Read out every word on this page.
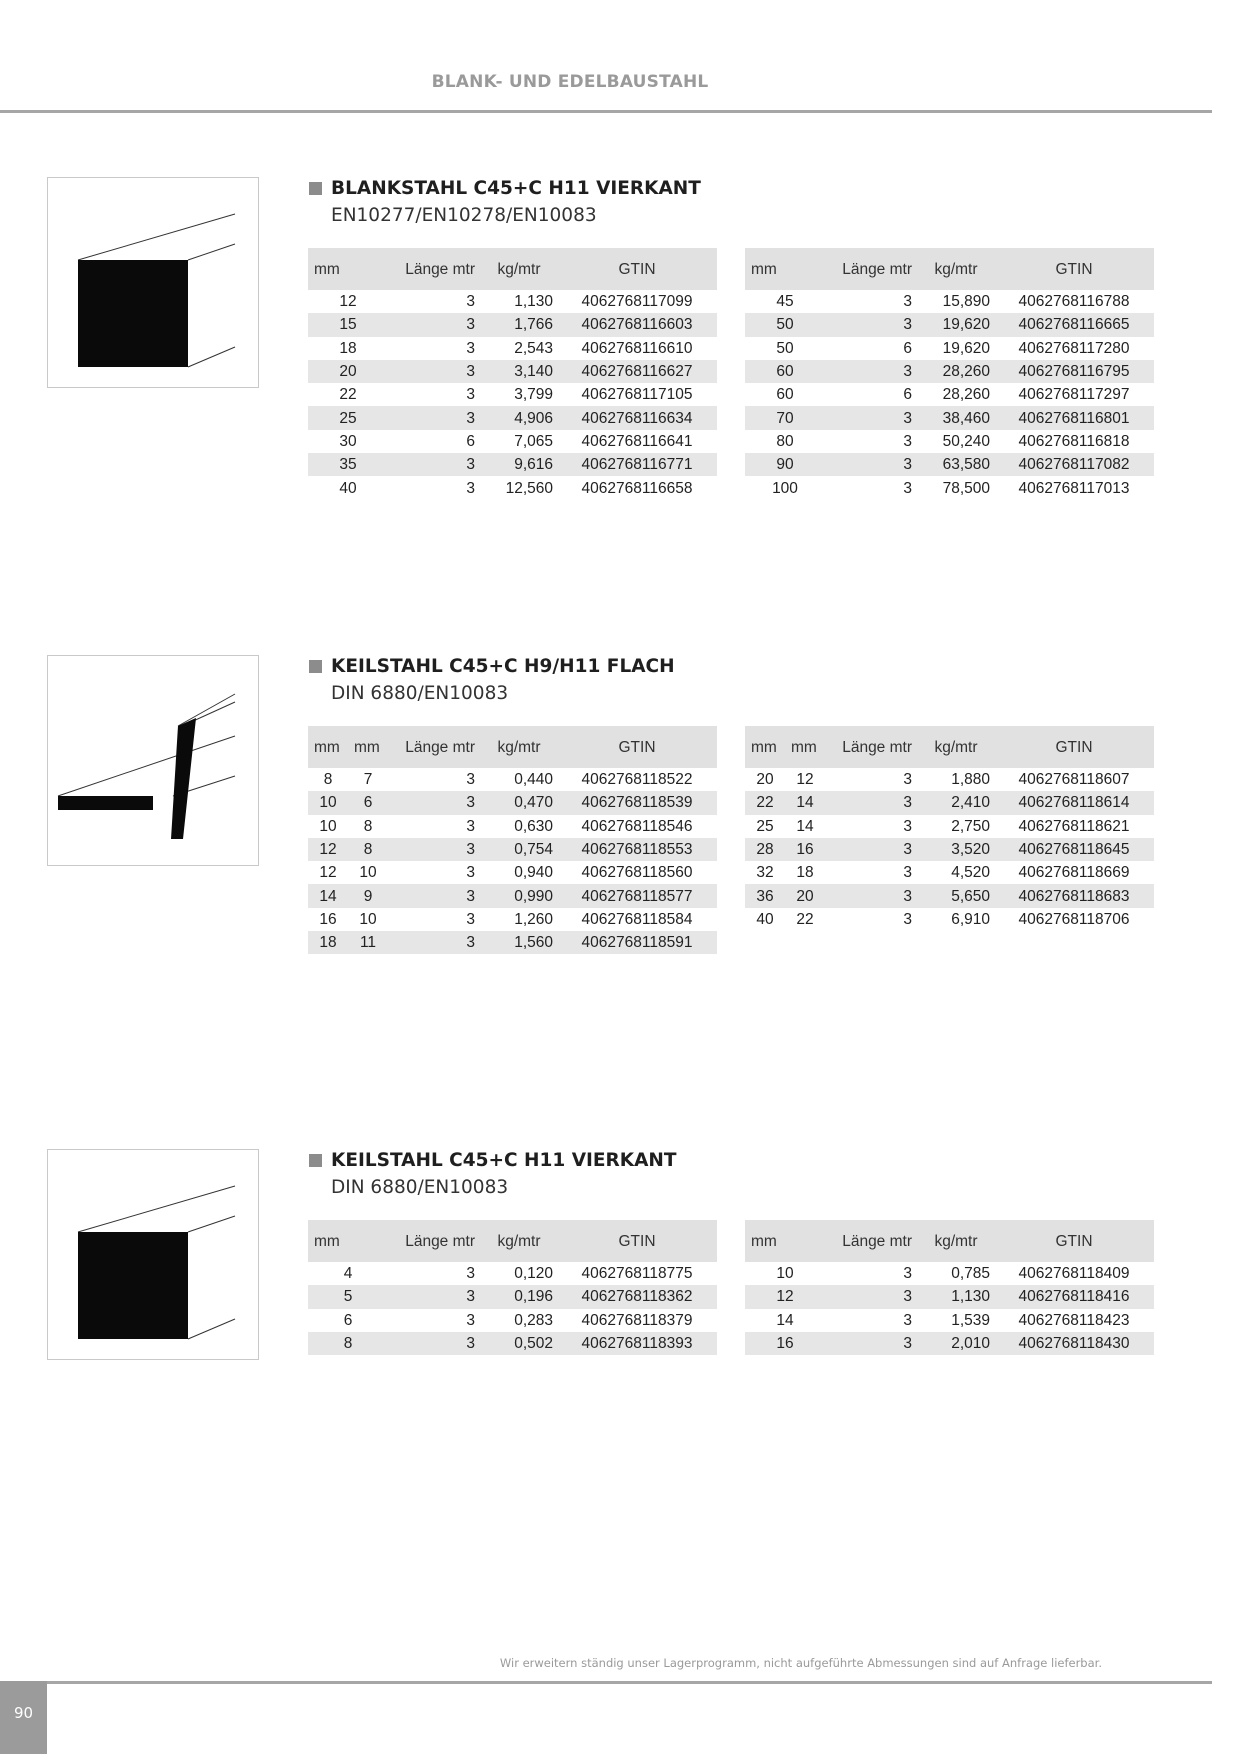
BLANK- UND EDELBAUSTAHL
BLANKSTAHL C45+C H11 VIERKANT
EN10277/EN10278/EN10083
mm	Länge mtr	kg/mtr	GTIN
12	3	1,130	4062768117099
15	3	1,766	4062768116603
18	3	2,543	4062768116610
20	3	3,140	4062768116627
22	3	3,799	4062768117105
25	3	4,906	4062768116634
30	6	7,065	4062768116641
35	3	9,616	4062768116771
40	3	12,560	4062768116658
mm	Länge mtr	kg/mtr	GTIN
45	3	15,890	4062768116788
50	3	19,620	4062768116665
50	6	19,620	4062768117280
60	3	28,260	4062768116795
60	6	28,260	4062768117297
70	3	38,460	4062768116801
80	3	50,240	4062768116818
90	3	63,580	4062768117082
100	3	78,500	4062768117013
KEILSTAHL C45+C H9/H11 FLACH
DIN 6880/EN10083
mm	mm	Länge mtr	kg/mtr	GTIN
8	7	3	0,440	4062768118522
10	6	3	0,470	4062768118539
10	8	3	0,630	4062768118546
12	8	3	0,754	4062768118553
12	10	3	0,940	4062768118560
14	9	3	0,990	4062768118577
16	10	3	1,260	4062768118584
18	11	3	1,560	4062768118591
mm	mm	Länge mtr	kg/mtr	GTIN
20	12	3	1,880	4062768118607
22	14	3	2,410	4062768118614
25	14	3	2,750	4062768118621
28	16	3	3,520	4062768118645
32	18	3	4,520	4062768118669
36	20	3	5,650	4062768118683
40	22	3	6,910	4062768118706
KEILSTAHL C45+C H11 VIERKANT
DIN 6880/EN10083
mm	Länge mtr	kg/mtr	GTIN
4	3	0,120	4062768118775
5	3	0,196	4062768118362
6	3	0,283	4062768118379
8	3	0,502	4062768118393
mm	Länge mtr	kg/mtr	GTIN
10	3	0,785	4062768118409
12	3	1,130	4062768118416
14	3	1,539	4062768118423
16	3	2,010	4062768118430
Wir erweitern ständig unser Lagerprogramm, nicht aufgeführte Abmessungen sind auf Anfrage lieferbar.
90
